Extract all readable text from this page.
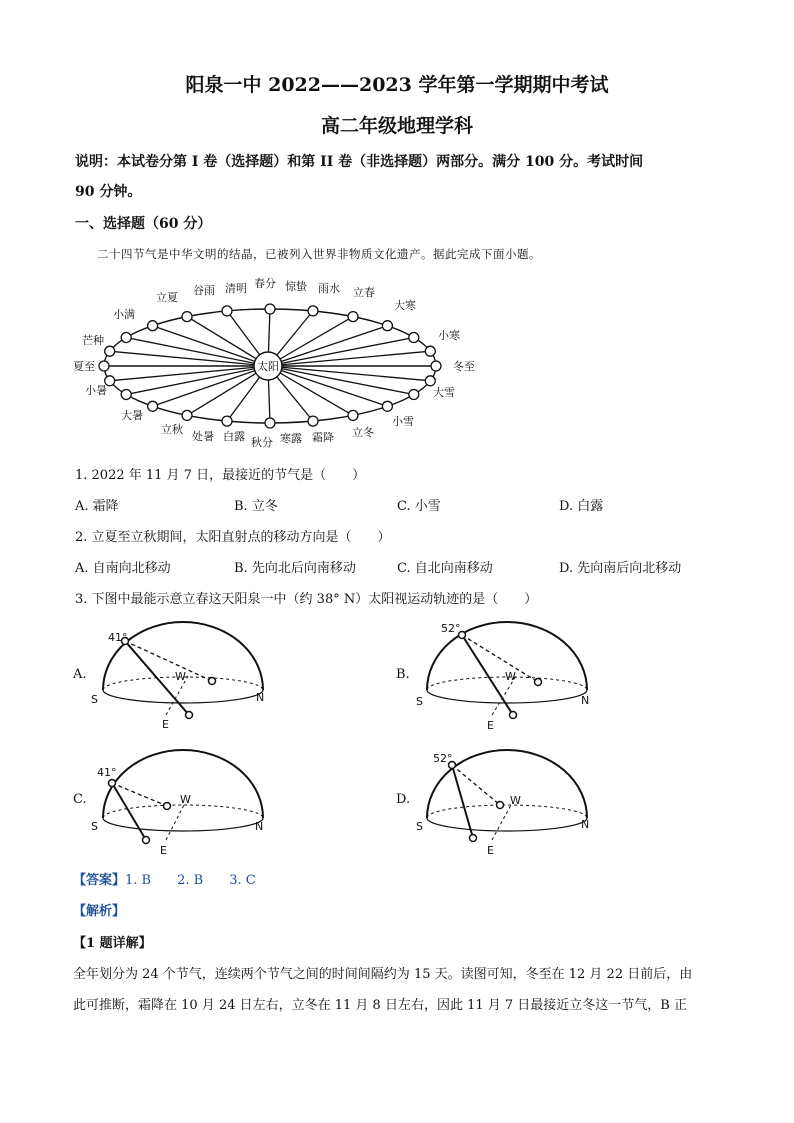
阳泉一中 2022——2023 学年第一学期期中考试
高二年级地理学科
说明：本试卷分第 I 卷（选择题）和第 II 卷（非选择题）两部分。满分 100 分。考试时间
90 分钟。
一、选择题（60 分）
二十四节气是中华文明的结晶，已被列入世界非物质文化遗产。据此完成下面小题。
太阳
立夏
谷雨 清明 春分 惊蛰 雨水 立春
立秋
处暑 白露 秋分 寒露 霜降 立冬
小满
芒种
夏至
小暑
大暑
大寒
小寒
冬至
大雪
小雪
1. 2022 年 11 月 7 日，最接近的节气是（　　）
A. 霜降	B. 立冬	C. 小雪	D. 白露
2. 立夏至立秋期间，太阳直射点的移动方向是（　　）
A. 自南向北移动	B. 先向北后向南移动	C. 自北向南移动	D. 先向南后向北移动
3. 下图中最能示意立春这天阳泉一中（约 38° N）太阳视运动轨迹的是（　　）
A.	B.
C.	D.
41°
S	N
W
E
52°
S	N
W
E
41°
S	N
W
E
52°
S	N
W
E
【答案】1. B　　2. B　　3. C
【解析】
【1 题详解】
全年划分为 24 个节气，连续两个节气之间的时间间隔约为 15 天。读图可知，冬至在 12 月 22 日前后，由
此可推断，霜降在 10 月 24 日左右，立冬在 11 月 8 日左右，因此 11 月 7 日最接近立冬这一节气，B 正
